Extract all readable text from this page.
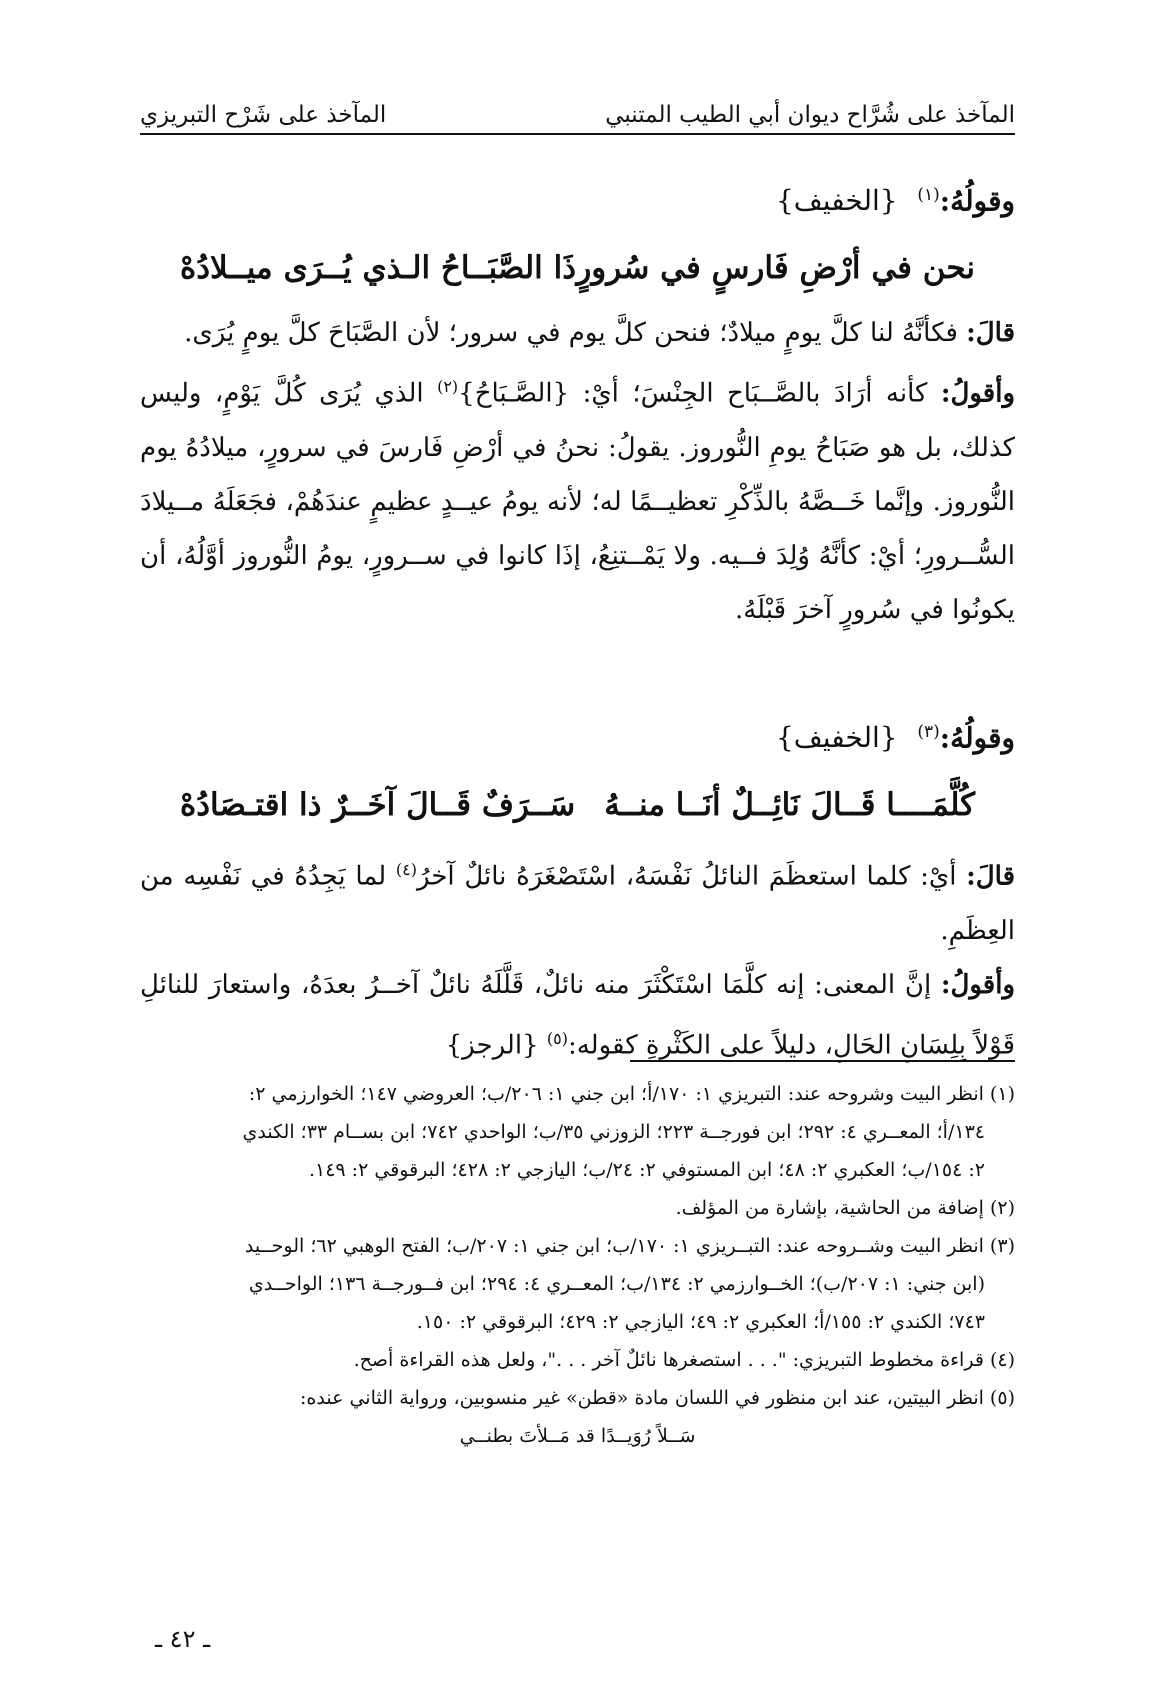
المآخذ على شُرَّاح ديوان أبي الطيب المتنبي
المآخذ على شَرْح التبريزي

وقولُهُ:$^{(١)}$ {الخفيف}

نحن في أرْضِ فَارسٍ في سُرورٍ
ذَا الصَّبَــاحُ الـذي يُــرَى ميــلادُهْ

قالَ: فكأنَّهُ لنا كلَّ يومٍ ميلادٌ؛ فنحن كلَّ يوم في سرور؛ لأن الصَّبَاحَ كلَّ يومٍ يُرَى.

وأقولُ: كأنه أرَادَ بالصَّــبَاح الجِنْسَ؛ أيْ: {الصَّـبَاحُ}$^{(٢)}$ الذي يُرَى كُلَّ يَوْمٍ، وليس كذلك، بل هو صَبَاحُ يومِ النُّوروز. يقولُ: نحنُ في أرْضِ فَارسَ في سرورٍ، ميلادُهُ يوم النُّوروز. وإنَّما خَــصَّهُ بالذِّكْرِ تعظيــمًا له؛ لأنه يومُ عيــدٍ عظيمٍ عندَهُمْ، فجَعَلَهُ مــيلادَ السُّــرورِ؛ أيْ: كأنَّهُ وُلِدَ فــيه. ولا يَمْــتنِعُ، إذَا كانوا في ســرورٍ، يومُ النُّوروز أوَّلُهُ، أن يكونُوا في سُرورٍ آخرَ قَبْلَهُ.

وقولُهُ:$^{(٣)}$ {الخفيف}

كُلَّمَــــا قَــالَ نَائِــلٌ أنَــا منــهُ
سَــرَفٌ قَــالَ آخَــرٌ ذا اقتـصَادُهْ

قالَ: أيْ: كلما استعظَمَ النائلُ نَفْسَهُ، اسْتَصْغَرَهُ نائلٌ آخرُ$^{(٤)}$ لما يَجِدُهُ في نَفْسِه من العِظَمِ.

وأقولُ: إنَّ المعنى: إنه كلَّمَا اسْتَكْثَرَ منه نائلٌ، قَلَّلَهُ نائلٌ آخــرُ بعدَهُ، واستعارَ للنائلِ قَوْلاً بِلِسَانِ الحَالِ، دليلاً على الكَثْرةِ كقوله:$^{(٥)}$ {الرجز}

(١) انظر البيت وشروحه عند: التبريزي ١: ١٧٠/أ؛ ابن جني ١: ٢٠٦/ب؛ العروضي ١٤٧؛ الخوارزمي ٢:

١٣٤/أ؛ المعــري ٤: ٢٩٢؛ ابن فورجــة ٢٢٣؛ الزوزني ٣٥/ب؛ الواحدي ٧٤٢؛ ابن بســام ٣٣؛ الكندي

٢: ١٥٤/ب؛ العكبري ٢: ٤٨؛ ابن المستوفي ٢: ٢٤/ب؛ اليازجي ٢: ٤٢٨؛ البرقوقي ٢: ١٤٩.

(٢) إضافة من الحاشية، بإشارة من المؤلف.

(٣) انظر البيت وشــروحه عند: التبــريزي ١: ١٧٠/ب؛ ابن جني ١: ٢٠٧/ب؛ الفتح الوهبي ٦٢؛ الوحــيد

(ابن جني: ١: ٢٠٧/ب)؛ الخــوارزمي ٢: ١٣٤/ب؛ المعــري ٤: ٢٩٤؛ ابن فــورجــة ١٣٦؛ الواحــدي

٧٤٣؛ الكندي ٢: ١٥٥/أ؛ العكبري ٢: ٤٩؛ اليازجي ٢: ٤٢٩؛ البرقوقي ٢: ١٥٠.

(٤) قراءة مخطوط التبريزي: ". . . استصغرها نائلٌ آخر . . ."، ولعل هذه القراءة أصح.

(٥) انظر البيتين، عند ابن منظور في اللسان مادة «قطن» غير منسوبين، ورواية الثاني عنده:

سَــلاً رُوَيــدًا قد مَــلأتَ بطنــي

ـ ٤٢ ـ
